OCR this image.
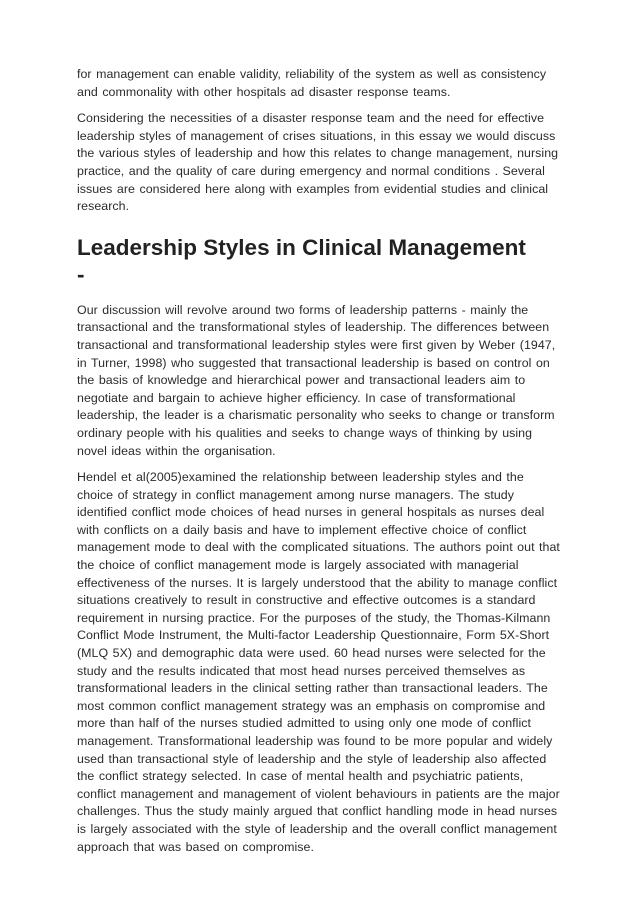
for management can enable validity, reliability of the system as well as consistency and commonality with other hospitals ad disaster response teams.

Considering the necessities of a disaster response team and the need for effective leadership styles of management of crises situations, in this essay we would discuss the various styles of leadership and how this relates to change management, nursing practice, and the quality of care during emergency and normal conditions . Several issues are considered here along with examples from evidential studies and clinical research.

Leadership Styles in Clinical Management
-

Our discussion will revolve around two forms of leadership patterns - mainly the transactional and the transformational styles of leadership. The differences between transactional and transformational leadership styles were first given by Weber (1947, in Turner, 1998) who suggested that transactional leadership is based on control on the basis of knowledge and hierarchical power and transactional leaders aim to negotiate and bargain to achieve higher efficiency. In case of transformational leadership, the leader is a charismatic personality who seeks to change or transform ordinary people with his qualities and seeks to change ways of thinking by using novel ideas within the organisation.

Hendel et al(2005)examined the relationship between leadership styles and the choice of strategy in conflict management among nurse managers. The study identified conflict mode choices of head nurses in general hospitals as nurses deal with conflicts on a daily basis and have to implement effective choice of conflict management mode to deal with the complicated situations. The authors point out that the choice of conflict management mode is largely associated with managerial effectiveness of the nurses. It is largely understood that the ability to manage conflict situations creatively to result in constructive and effective outcomes is a standard requirement in nursing practice. For the purposes of the study, the Thomas-Kilmann Conflict Mode Instrument, the Multi-factor Leadership Questionnaire, Form 5X-Short (MLQ 5X) and demographic data were used. 60 head nurses were selected for the study and the results indicated that most head nurses perceived themselves as transformational leaders in the clinical setting rather than transactional leaders. The most common conflict management strategy was an emphasis on compromise and more than half of the nurses studied admitted to using only one mode of conflict management. Transformational leadership was found to be more popular and widely used than transactional style of leadership and the style of leadership also affected the conflict strategy selected. In case of mental health and psychiatric patients, conflict management and management of violent behaviours in patients are the major challenges. Thus the study mainly argued that conflict handling mode in head nurses is largely associated with the style of leadership and the overall conflict management approach that was based on compromise.
